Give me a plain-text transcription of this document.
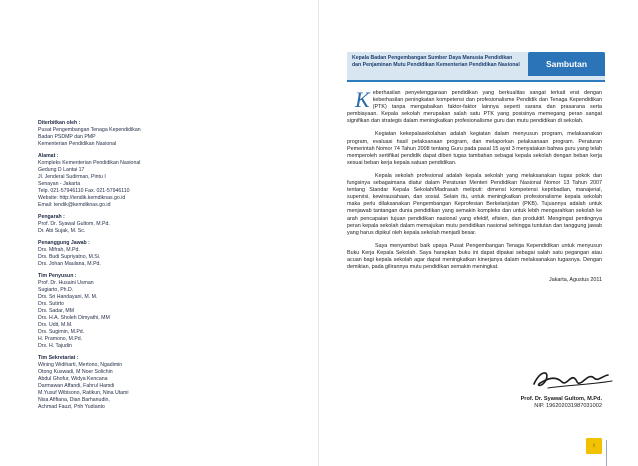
Diterbitkan oleh :
Pusat Pengembangan Tenaga Kependidikan
Badan PSDMP dan PMP
Kementerian Pendidikan Nasional
Alamat :
Kompleks Kementerian Pendidikan Nasional
Gedung D Lantai 17
Jl. Jenderal Sudirman, Pintu I
Senayan - Jakarta
Telp. 021-57946110 Fax. 021-57946110
Website: http://tendik.kemdiknas.go.id
Email: tendik@kemdiknas.go.id
Pengarah :
Prof. Dr. Syawal Gultom, M.Pd.
Dr. Abi Sujak, M. Sc.
Penanggung Jawab :
Drs. Mifrah, M.Pd.
Drs. Budi Supriyatno, M.Si.
Drs. Johan Maulana, M.Pd.
Tim Penyusun :
Prof. Dr. Husaini Usman
Sugiarto, Ph.D.
Drs. Sri Handayani, M. M.
Drs. Sutirto
Drs. Sadar, MM
Drs. H.A. Sholeh Dimyathi, MM
Drs. Udit, M.M.
Drs. Sugimin, M.Pd.
H. Pramono, M.Pd.
Drs. H. Tajudin
Tim Sekretariat :
Wining Widiharti, Mertono, Ngadimin
Otong Kuswadi, M Noer Solichin
Abdul Ghofur, Widya Kencana
Darmawan Affandi, Fahrul Hamdi
M.Yusuf Wibisono, Ratikun, Nina Utami
Nisa Afifiana, Dian Barhanudin,
Achmad Fauzi, Prih Yudianto
Kepala Badan Pengembangan Sumber Daya Manusia Pendidikan dan Penjaminan Mutu Pendidikan Kementerian Pendidikan Nasional	Sambutan

Keberhasilan penyelenggaraan pendidikan yang berkualitas sangat terkait erat dengan keberhasilan peningkatan kompetensi dan profesionalisme Pendidik dan Tenaga Kependidikan (PTK) tanpa mengabaikan faktor-faktor lainnya seperti sarana dan prasarana serta pembiayaan. Kepala sekolah merupakan salah satu PTK yang posisinya memegang peran sangat signifikan dan strategis dalam meningkatkan profesionalisme guru dan mutu pendidikan di sekolah.

Kegiatan kekepalasekolahan adalah kegiatan dalam menyusun program, melaksanakan program, evaluasi hasil pelaksanaan program, dan melaporkan pelaksanaan program. Peraturan Pemerintah Nomor 74 Tahun 2008 tentang Guru pada pasal 15 ayat 3 menyatakan bahwa guru yang telah memperoleh sertifikat pendidik dapat diberi tugas tambahan sebagai kepala sekolah dengan beban kerja sesuai beban kerja kepala satuan pendidikan.

Kepala sekolah profesional adalah kepala sekolah yang melaksanakan tugas pokok dan fungsinya sebagaimana diatur dalam Peraturan Menteri Pendidikan Nasional Nomor 13 Tahun 2007 tentang Standar Kepala Sekolah/Madrasah meliputi: dimensi kompetensi kepribadian, manajerial, supervisi, kewirausahaan, dan sosial. Selain itu, untuk meningkatkan profesionalisme kepala sekolah maka perlu dilaksanakan Pengembangan Keprofesian Berkelanjutan (PKB). Tujuannya adalah untuk menjawab tantangan dunia pendidikan yang semakin kompleks dan untuk lebih mengarahkan sekolah ke arah pencapaian tujuan pendidikan nasional yang efektif, efisien, dan produktif. Mengingat pentingnya peran kepala sekolah dalam memajukan mutu pendidikan nasional sehingga tuntutan dan tanggung jawab yang harus dipikul oleh kepala sekolah menjadi besar.

Saya menyambut baik upaya Pusat Pengembangan Tenaga Kependidikan untuk menyusun Buku Kerja Kepala Sekolah. Saya harapkan buku ini dapat dipakai sebagai salah satu pegangan atau acuan bagi kepala sekolah agar dapat meningkatkan kinerjanya dalam melaksanakan tugasnya. Dengan demikian, pada gilirannya mutu pendidikan semakin meningkat.

Jakarta, Agustus 2011

Prof. Dr. Syawal Gultom, M.Pd.
NIP. 196202031987031002
i
